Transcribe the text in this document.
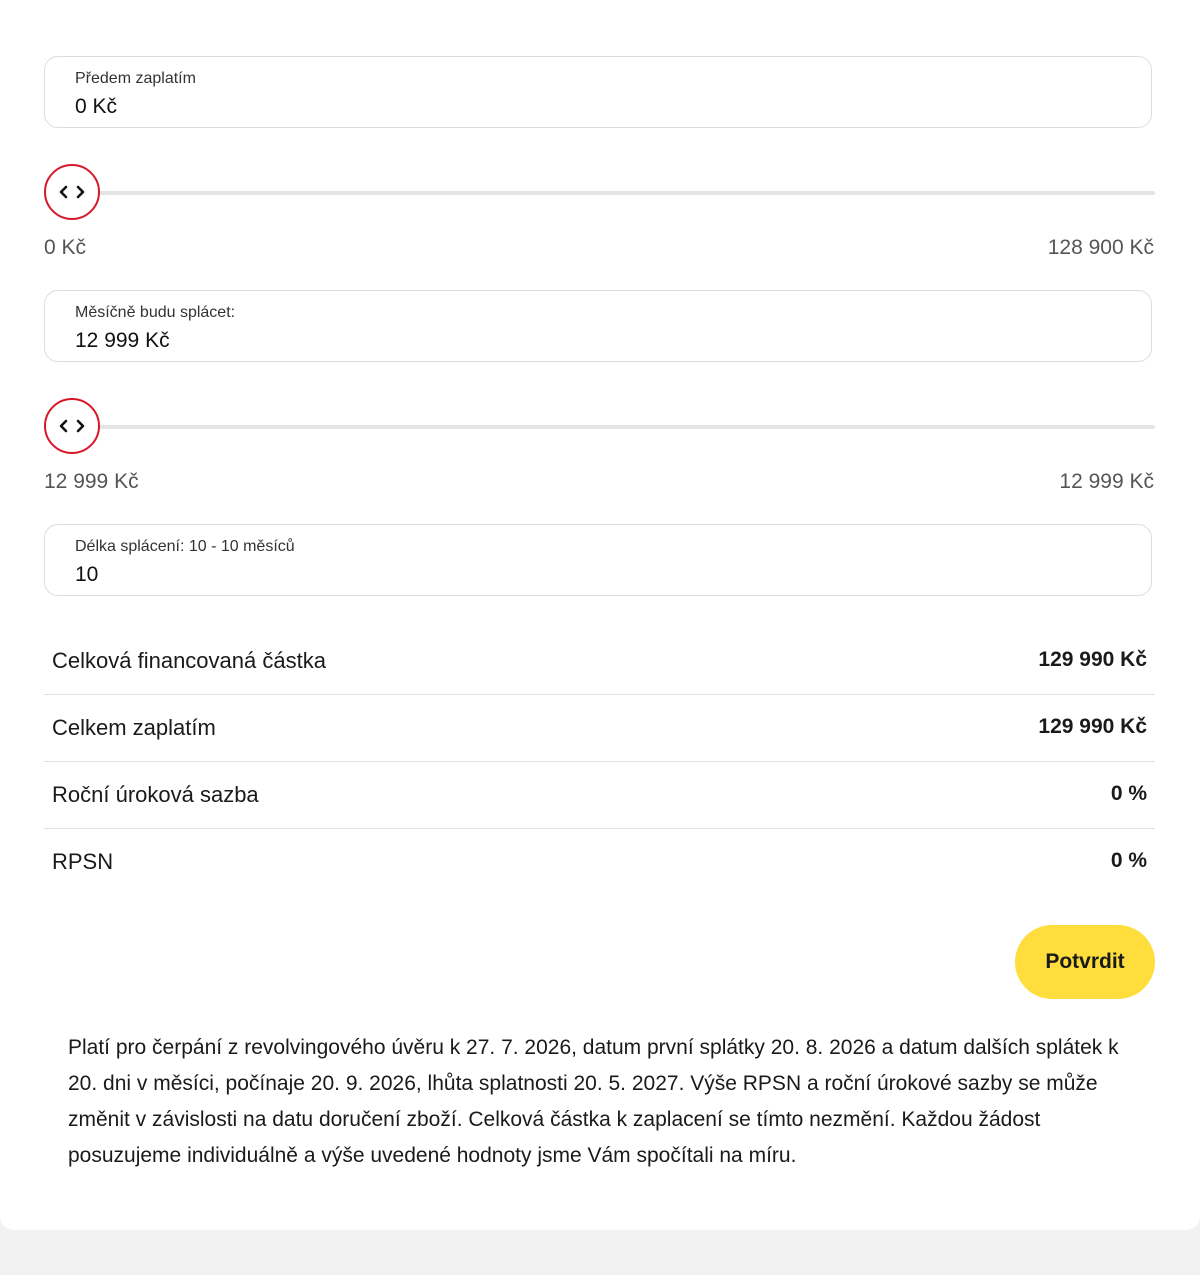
Předem zaplatím
0 Kč
0 Kč	128 900 Kč
Měsíčně budu splácet:
12 999 Kč
12 999 Kč	12 999 Kč
Délka splácení: 10 - 10 měsíců
10
Celková financovaná částka	129 990 Kč
Celkem zaplatím	129 990 Kč
Roční úroková sazba	0 %
RPSN	0 %
Potvrdit

Platí pro čerpání z revolvingového úvěru k 27. 7. 2026, datum první splátky 20. 8. 2026 a datum dalších splátek k 20. dni v měsíci, počínaje 20. 9. 2026, lhůta splatnosti 20. 5. 2027. Výše RPSN a roční úrokové sazby se může změnit v závislosti na datu doručení zboží. Celková částka k zaplacení se tímto nezmění. Každou žádost posuzujeme individuálně a výše uvedené hodnoty jsme Vám spočítali na míru.
